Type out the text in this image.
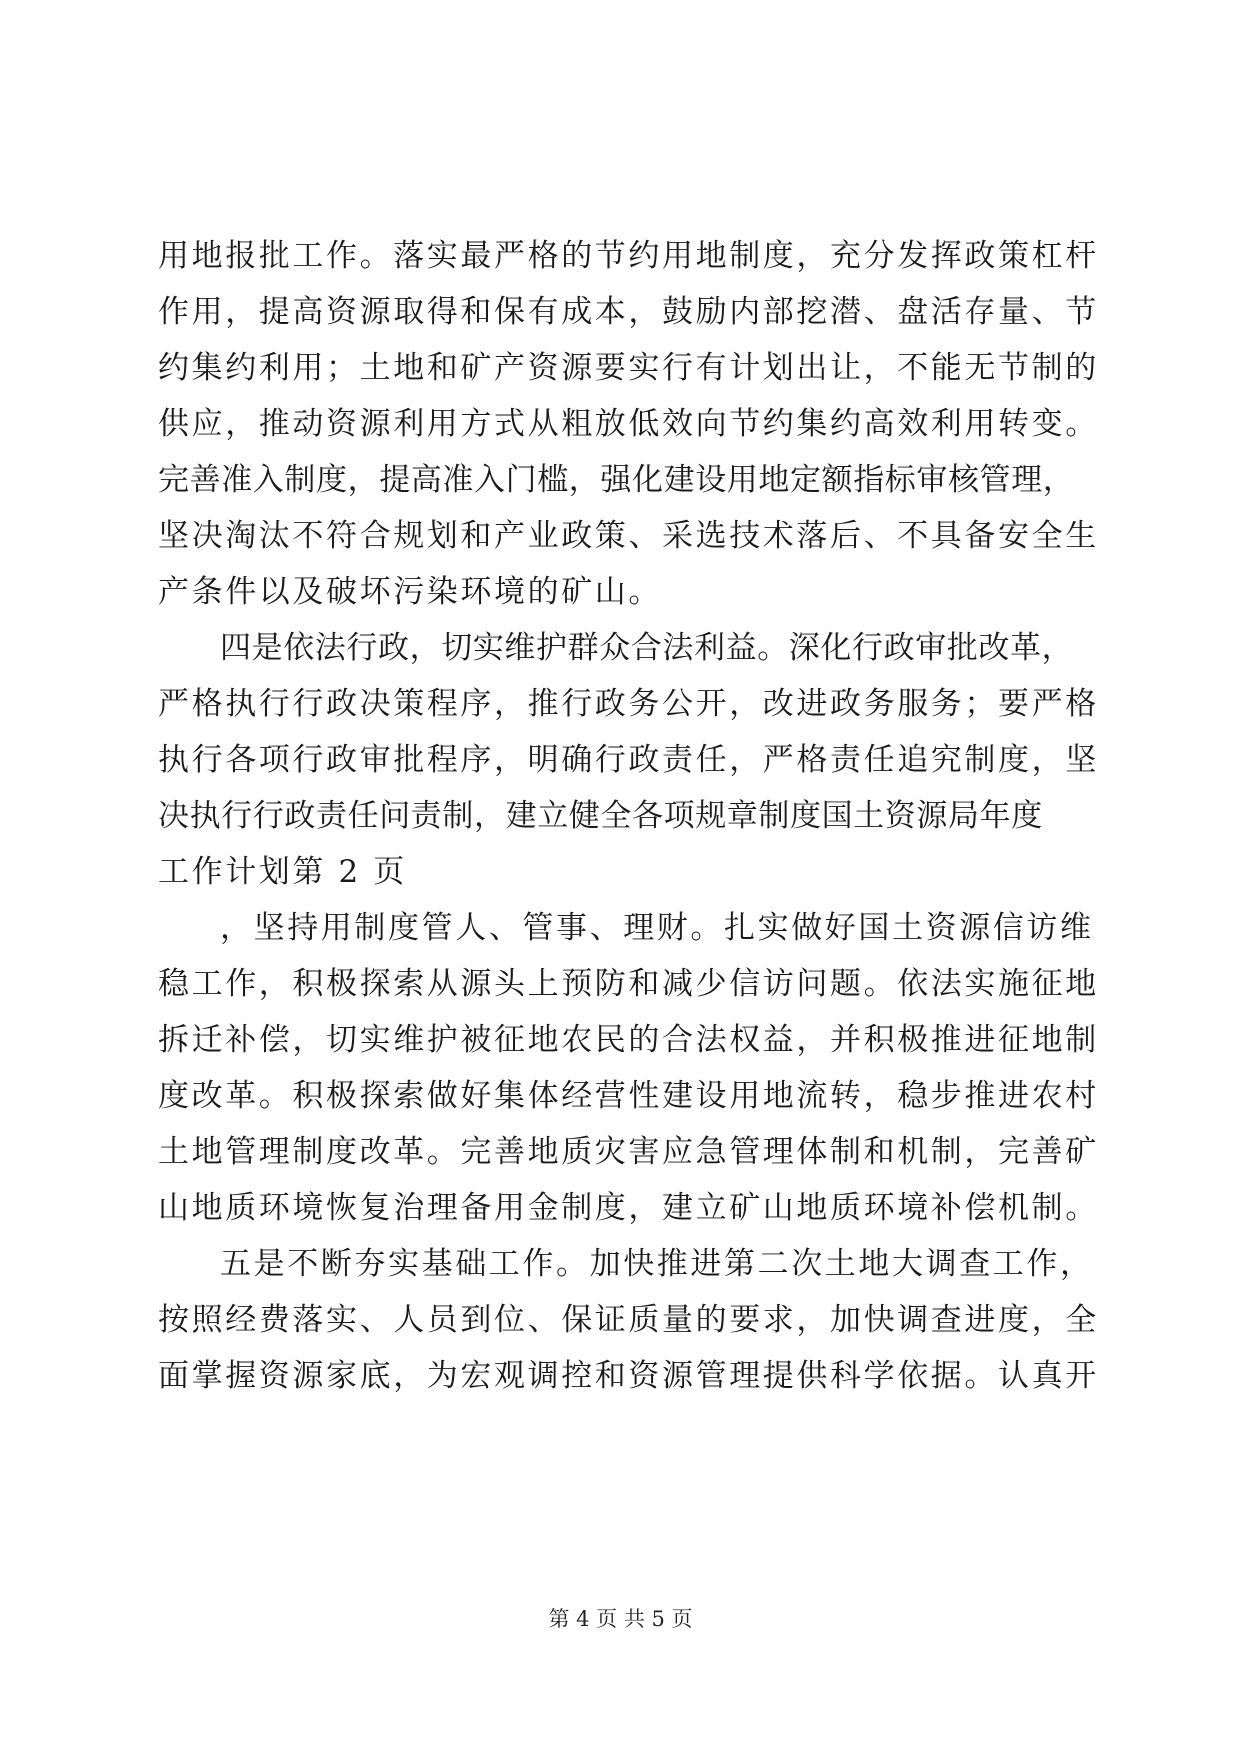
用地报批工作。落实最严格的节约用地制度，充分发挥政策杠杆
作用，提高资源取得和保有成本，鼓励内部挖潜、盘活存量、节
约集约利用；土地和矿产资源要实行有计划出让，不能无节制的
供应，推动资源利用方式从粗放低效向节约集约高效利用转变。
完善准入制度，提高准入门槛，强化建设用地定额指标审核管理，
坚决淘汰不符合规划和产业政策、采选技术落后、不具备安全生
产条件以及破坏污染环境的矿山。
四是依法行政，切实维护群众合法利益。深化行政审批改革，
严格执行行政决策程序，推行政务公开，改进政务服务；要严格
执行各项行政审批程序，明确行政责任，严格责任追究制度，坚
决执行行政责任问责制，建立健全各项规章制度国土资源局年度
工作计划第 2 页
，坚持用制度管人、管事、理财。扎实做好国土资源信访维
稳工作，积极探索从源头上预防和减少信访问题。依法实施征地
拆迁补偿，切实维护被征地农民的合法权益，并积极推进征地制
度改革。积极探索做好集体经营性建设用地流转，稳步推进农村
土地管理制度改革。完善地质灾害应急管理体制和机制，完善矿
山地质环境恢复治理备用金制度，建立矿山地质环境补偿机制。
五是不断夯实基础工作。加快推进第二次土地大调查工作，
按照经费落实、人员到位、保证质量的要求，加快调查进度，全
面掌握资源家底，为宏观调控和资源管理提供科学依据。认真开
第 4 页 共 5 页
